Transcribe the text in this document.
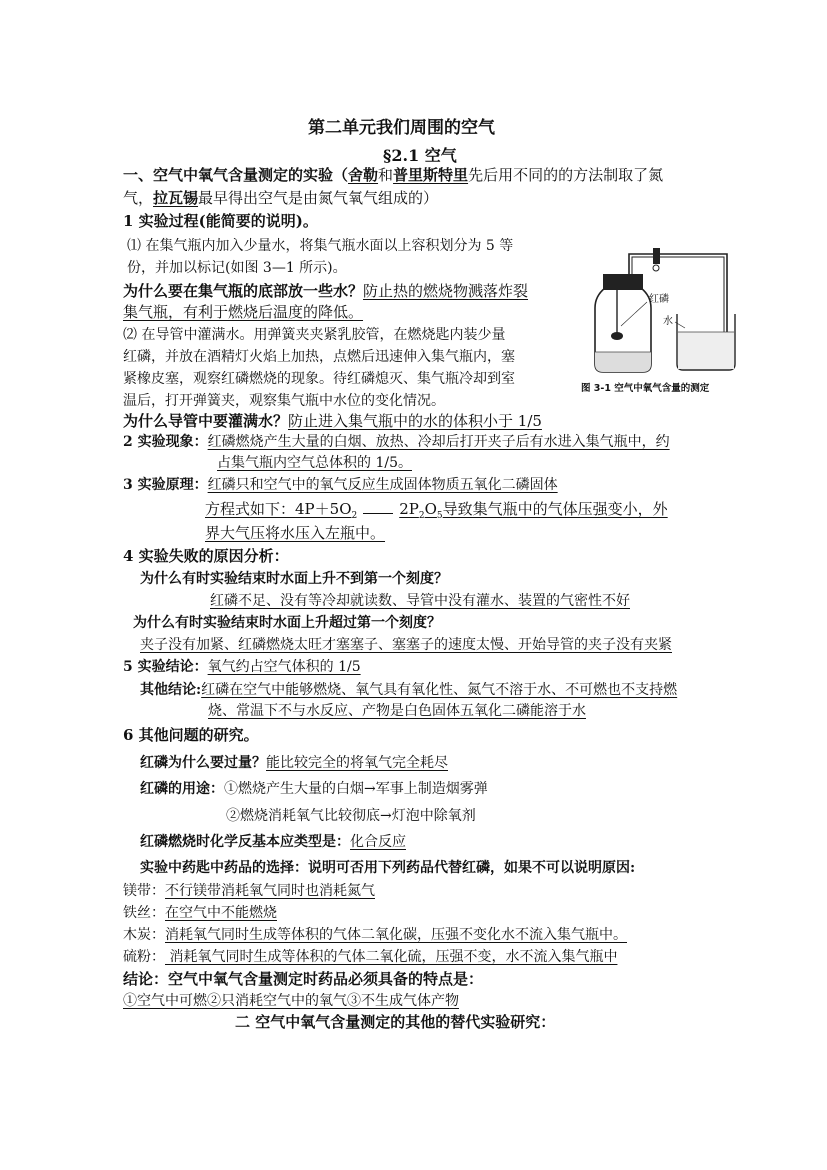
第二单元我们周围的空气
§2.1 空气
一、空气中氧气含量测定的实验（舍勒和普里斯特里先后用不同的的方法制取了氮
气，拉瓦锡最早得出空气是由氮气氧气组成的）
1 实验过程(能简要的说明)。
⑴ 在集气瓶内加入少量水，将集气瓶水面以上容积划分为 5 等
份，并加以标记(如图 3—1 所示)。
为什么要在集气瓶的底部放一些水？防止热的燃烧物溅落炸裂
集气瓶，有利于燃烧后温度的降低。
⑵ 在导管中灌满水。用弹簧夹夹紧乳胶管，在燃烧匙内装少量
红磷，并放在酒精灯火焰上加热，点燃后迅速伸入集气瓶内，塞
紧橡皮塞，观察红磷燃烧的现象。待红磷熄灭、集气瓶冷却到室
温后，打开弹簧夹，观察集气瓶中水位的变化情况。
为什么导管中要灌满水？防止进入集气瓶中的水的体积小于 1/5
红磷
水
图 3-1 空气中氧气含量的测定
2 实验现象：红磷燃烧产生大量的白烟、放热、冷却后打开夹子后有水进入集气瓶中，约
占集气瓶内空气总体积的 1/5。
3 实验原理：红磷只和空气中的氧气反应生成固体物质五氧化二磷固体
方程式如下：$4P+5O_2$	$2P_2O_5$导致集气瓶中的气体压强变小，外
界大气压将水压入左瓶中。
4 实验失败的原因分析：
为什么有时实验结束时水面上升不到第一个刻度？
红磷不足、没有等冷却就读数、导管中没有灌水、装置的气密性不好
为什么有时实验结束时水面上升超过第一个刻度？
夹子没有加紧、红磷燃烧太旺才塞塞子、塞塞子的速度太慢、开始导管的夹子没有夹紧
5 实验结论：氧气约占空气体积的 1/5
其他结论:红磷在空气中能够燃烧、氧气具有氧化性、氮气不溶于水、不可燃也不支持燃
烧、常温下不与水反应、产物是白色固体五氧化二磷能溶于水
6 其他问题的研究。
红磷为什么要过量？能比较完全的将氧气完全耗尽
红磷的用途：①燃烧产生大量的白烟→军事上制造烟雾弹
②燃烧消耗氧气比较彻底→灯泡中除氧剂
红磷燃烧时化学反基本应类型是：化合反应
实验中药匙中药品的选择：说明可否用下列药品代替红磷，如果不可以说明原因:
镁带：不行镁带消耗氧气同时也消耗氮气
铁丝：在空气中不能燃烧
木炭：消耗氧气同时生成等体积的气体二氧化碳，压强不变化水不流入集气瓶中。
硫粉： 消耗氧气同时生成等体积的气体二氧化硫，压强不变，水不流入集气瓶中
结论：空气中氧气含量测定时药品必须具备的特点是：
①空气中可燃②只消耗空气中的氧气③不生成气体产物
二 空气中氧气含量测定的其他的替代实验研究：
